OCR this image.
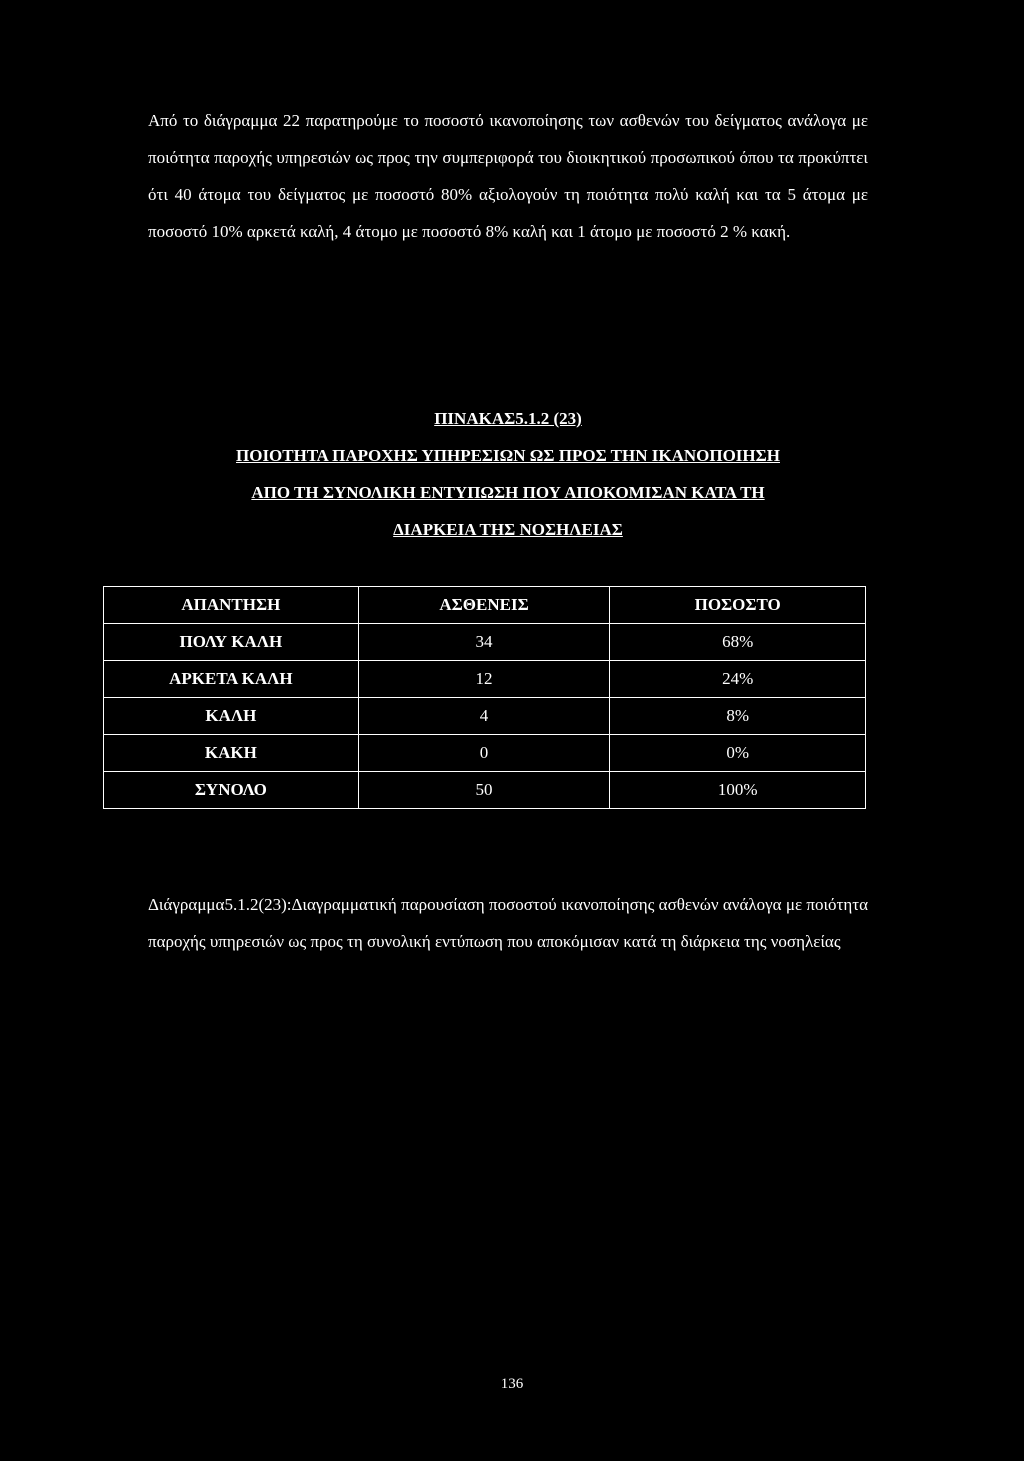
Από το διάγραμμα 22 παρατηρούμε το ποσοστό ικανοποίησης των ασθενών του δείγματος ανάλογα με ποιότητα παροχής υπηρεσιών ως προς την συμπεριφορά του διοικητικού προσωπικού όπου τα προκύπτει ότι 40 άτομα του δείγματος με ποσοστό 80% αξιολογούν τη ποιότητα πολύ καλή και τα 5 άτομα με ποσοστό 10% αρκετά καλή, 4 άτομο με ποσοστό 8% καλή και 1 άτομο με ποσοστό 2 % κακή.

ΠΙΝΑΚΑΣ5.1.2 (23)
ΠΟΙΟΤΗΤΑ ΠΑΡΟΧΗΣ ΥΠΗΡΕΣΙΩΝ ΩΣ ΠΡΟΣ ΤΗΝ ΙΚΑΝΟΠΟΙΗΣΗ
ΑΠΟ ΤΗ ΣΥΝΟΛΙΚΗ ΕΝΤΥΠΩΣΗ ΠΟΥ ΑΠΟΚΟΜΙΣΑΝ ΚΑΤΑ ΤΗ
ΔΙΑΡΚΕΙΑ ΤΗΣ ΝΟΣΗΛΕΙΑΣ
ΑΠΑΝΤΗΣΗ	ΑΣΘΕΝΕΙΣ	ΠΟΣΟΣΤΟ
ΠΟΛΥ ΚΑΛΗ	34	68%
ΑΡΚΕΤΑ ΚΑΛΗ	12	24%
ΚΑΛΗ	4	8%
ΚΑΚΗ	0	0%
ΣΥΝΟΛΟ	50	100%

Διάγραμμα5.1.2(23):Διαγραμματική παρουσίαση ποσοστού ικανοποίησης ασθενών ανάλογα με ποιότητα παροχής υπηρεσιών ως προς τη συνολική εντύπωση που αποκόμισαν κατά τη διάρκεια της νοσηλείας

136
